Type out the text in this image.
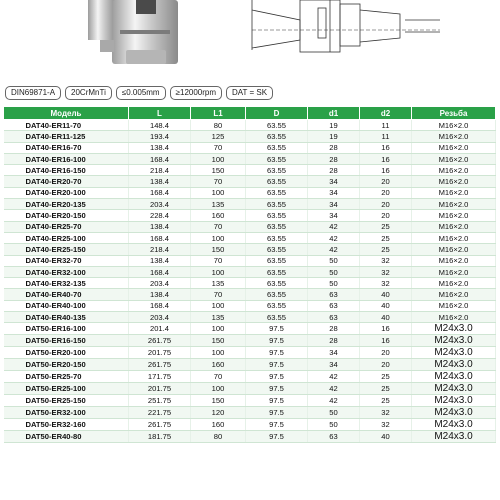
DIN69871-A	20CrMnTi	≤0.005mm	≥12000rpm	DAT = SK
Модель	L	L1	D	d1	d2	Резьба
DAT40-ER11-70	148.4	80	63.55	19	11	M16×2.0
DAT40-ER11-125	193.4	125	63.55	19	11	M16×2.0
DAT40-ER16-70	138.4	70	63.55	28	16	M16×2.0
DAT40-ER16-100	168.4	100	63.55	28	16	M16×2.0
DAT40-ER16-150	218.4	150	63.55	28	16	M16×2.0
DAT40-ER20-70	138.4	70	63.55	34	20	M16×2.0
DAT40-ER20-100	168.4	100	63.55	34	20	M16×2.0
DAT40-ER20-135	203.4	135	63.55	34	20	M16×2.0
DAT40-ER20-150	228.4	160	63.55	34	20	M16×2.0
DAT40-ER25-70	138.4	70	63.55	42	25	M16×2.0
DAT40-ER25-100	168.4	100	63.55	42	25	M16×2.0
DAT40-ER25-150	218.4	150	63.55	42	25	M16×2.0
DAT40-ER32-70	138.4	70	63.55	50	32	M16×2.0
DAT40-ER32-100	168.4	100	63.55	50	32	M16×2.0
DAT40-ER32-135	203.4	135	63.55	50	32	M16×2.0
DAT40-ER40-70	138.4	70	63.55	63	40	M16×2.0
DAT40-ER40-100	168.4	100	63.55	63	40	M16×2.0
DAT40-ER40-135	203.4	135	63.55	63	40	M16×2.0
DAT50-ER16-100	201.4	100	97.5	28	16	M24x3.0
DAT50-ER16-150	261.75	150	97.5	28	16	M24x3.0
DAT50-ER20-100	201.75	100	97.5	34	20	M24x3.0
DAT50-ER20-150	261.75	160	97.5	34	20	M24x3.0
DAT50-ER25-70	171.75	70	97.5	42	25	M24x3.0
DAT50-ER25-100	201.75	100	97.5	42	25	M24x3.0
DAT50-ER25-150	251.75	150	97.5	42	25	M24x3.0
DAT50-ER32-100	221.75	120	97.5	50	32	M24x3.0
DAT50-ER32-160	261.75	160	97.5	50	32	M24x3.0
DAT50-ER40-80	181.75	80	97.5	63	40	M24x3.0
